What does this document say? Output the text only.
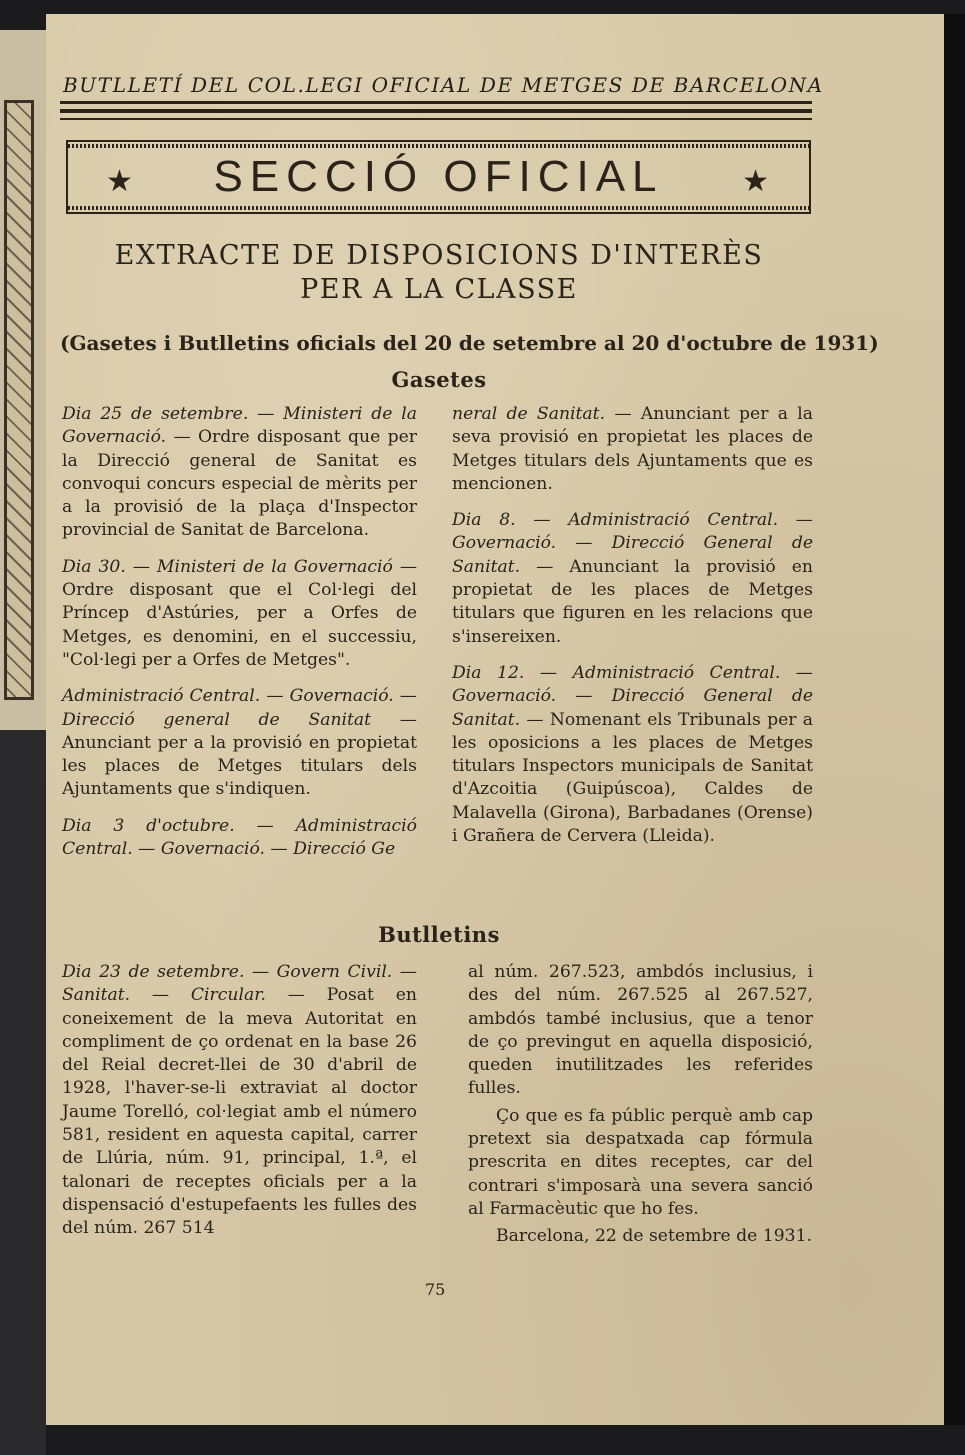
BUTLLETÍ DEL COL.LEGI OFICIAL DE METGES DE BARCELONA
★	SECCIÓ OFICIAL	★
EXTRACTE DE DISPOSICIONS D'INTERÈS
PER A LA CLASSE
(Gasetes i Butlletins oficials del 20 de setembre al 20 d'octubre de 1931)
Gasetes

Dia 25 de setembre. — Ministeri de la Governació. — Ordre disposant que per la Direcció general de Sanitat es convoqui concurs especial de mèrits per a la provisió de la plaça d'Inspector provincial de Sanitat de Barcelona.

Dia 30. — Ministeri de la Governació — Ordre disposant que el Col·legi del Príncep d'Astúries, per a Orfes de Metges, es denomini, en el successiu, "Col·legi per a Orfes de Metges".

Administració Central. — Governació. — Direcció general de Sanitat — Anunciant per a la provisió en propietat les places de Metges titulars dels Ajuntaments que s'indiquen.

Dia 3 d'octubre. — Administració Central. — Governació. — Direcció Ge

neral de Sanitat. — Anunciant per a la seva provisió en propietat les places de Metges titulars dels Ajuntaments que es mencionen.

Dia 8. — Administració Central. — Governació. — Direcció General de Sanitat. — Anunciant la provisió en propietat de les places de Metges titulars que figuren en les relacions que s'insereixen.

Dia 12. — Administració Central. — Governació. — Direcció General de Sanitat. — Nomenant els Tribunals per a les oposicions a les places de Metges titulars Inspectors municipals de Sanitat d'Azcoitia (Guipúscoa), Caldes de Malavella (Girona), Barbadanes (Orense) i Grañera de Cervera (Lleida).

Butlletins

Dia 23 de setembre. — Govern Civil. — Sanitat. — Circular. — Posat en coneixement de la meva Autoritat en compliment de ço ordenat en la base 26 del Reial decret-llei de 30 d'abril de 1928, l'haver-se-li extraviat al doctor Jaume Torelló, col·legiat amb el número 581, resident en aquesta capital, carrer de Llúria, núm. 91, principal, 1.ª, el talonari de receptes oficials per a la dispensació d'estupefaents les fulles des del núm. 267 514

al núm. 267.523, ambdós inclusius, i des del núm. 267.525 al 267.527, ambdós també inclusius, que a tenor de ço previngut en aquella disposició, queden inutilitzades les referides fulles.

Ço que es fa públic perquè amb cap pretext sia despatxada cap fórmula prescrita en dites receptes, car del contrari s'imposarà una severa sanció al Farmacèutic que ho fes.

Barcelona, 22 de setembre de 1931.

75
